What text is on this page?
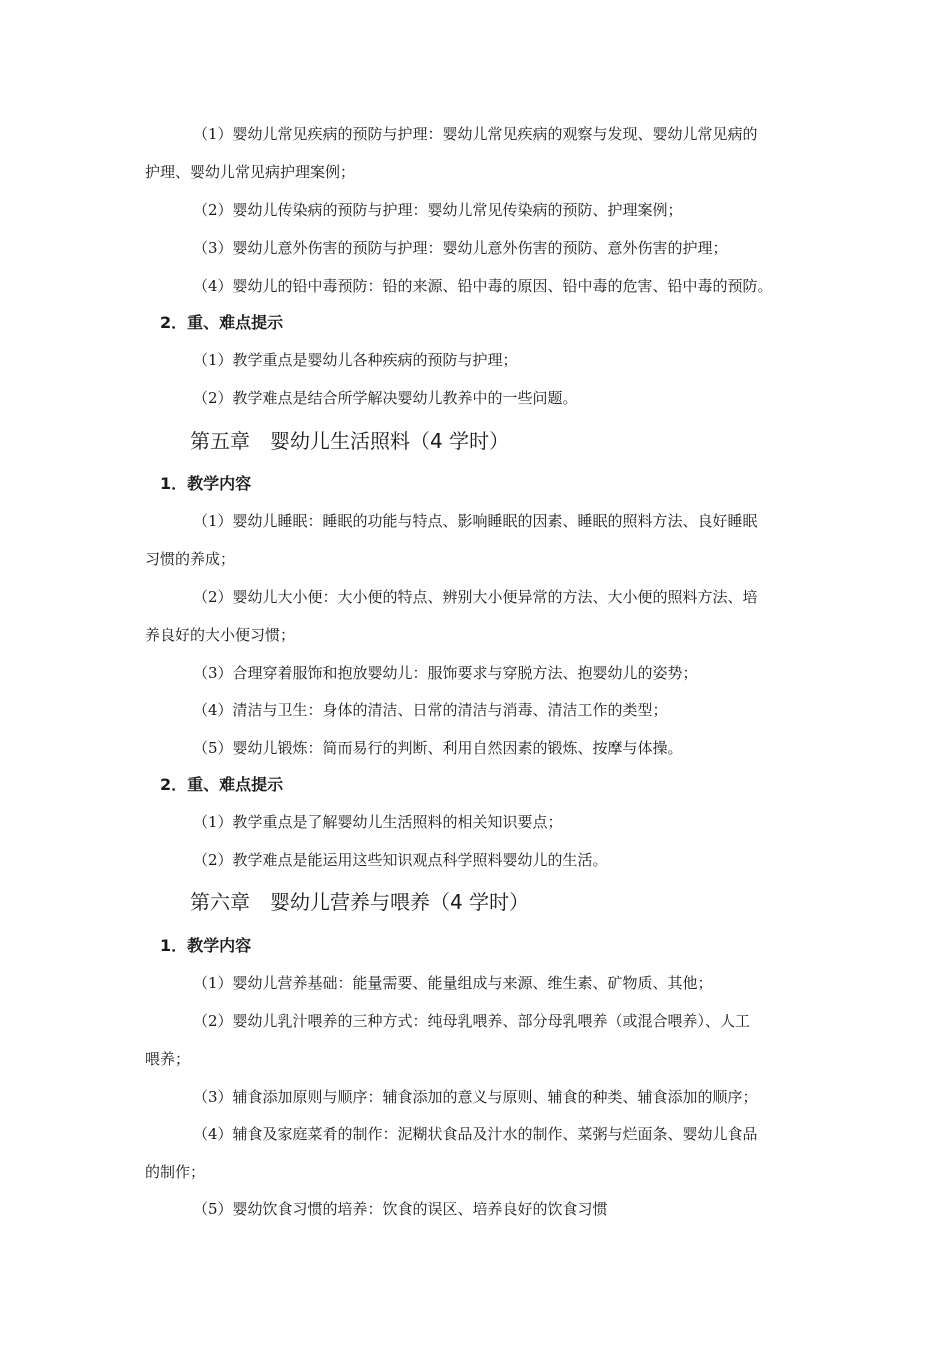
（1）婴幼儿常见疾病的预防与护理：婴幼儿常见疾病的观察与发现、婴幼儿常见病的
护理、婴幼儿常见病护理案例；
（2）婴幼儿传染病的预防与护理：婴幼儿常见传染病的预防、护理案例；
（3）婴幼儿意外伤害的预防与护理：婴幼儿意外伤害的预防、意外伤害的护理；
（4）婴幼儿的铅中毒预防：铅的来源、铅中毒的原因、铅中毒的危害、铅中毒的预防。
2．重、难点提示
（1）教学重点是婴幼儿各种疾病的预防与护理；
（2）教学难点是结合所学解决婴幼儿教养中的一些问题。
第五章　婴幼儿生活照料（4 学时）
1．教学内容
（1）婴幼儿睡眠：睡眠的功能与特点、影响睡眠的因素、睡眠的照料方法、良好睡眠
习惯的养成；
（2）婴幼儿大小便：大小便的特点、辨别大小便异常的方法、大小便的照料方法、培
养良好的大小便习惯；
（3）合理穿着服饰和抱放婴幼儿：服饰要求与穿脱方法、抱婴幼儿的姿势；
（4）清洁与卫生：身体的清洁、日常的清洁与消毒、清洁工作的类型；
（5）婴幼儿锻炼：简而易行的判断、利用自然因素的锻炼、按摩与体操。
2．重、难点提示
（1）教学重点是了解婴幼儿生活照料的相关知识要点；
（2）教学难点是能运用这些知识观点科学照料婴幼儿的生活。
第六章　婴幼儿营养与喂养（4 学时）
1．教学内容
（1）婴幼儿营养基础：能量需要、能量组成与来源、维生素、矿物质、其他；
（2）婴幼儿乳汁喂养的三种方式：纯母乳喂养、部分母乳喂养（或混合喂养）、人工
喂养；
（3）辅食添加原则与顺序：辅食添加的意义与原则、辅食的种类、辅食添加的顺序；
（4）辅食及家庭菜肴的制作：泥糊状食品及汁水的制作、菜粥与烂面条、婴幼儿食品
的制作；
（5）婴幼饮食习惯的培养：饮食的误区、培养良好的饮食习惯
